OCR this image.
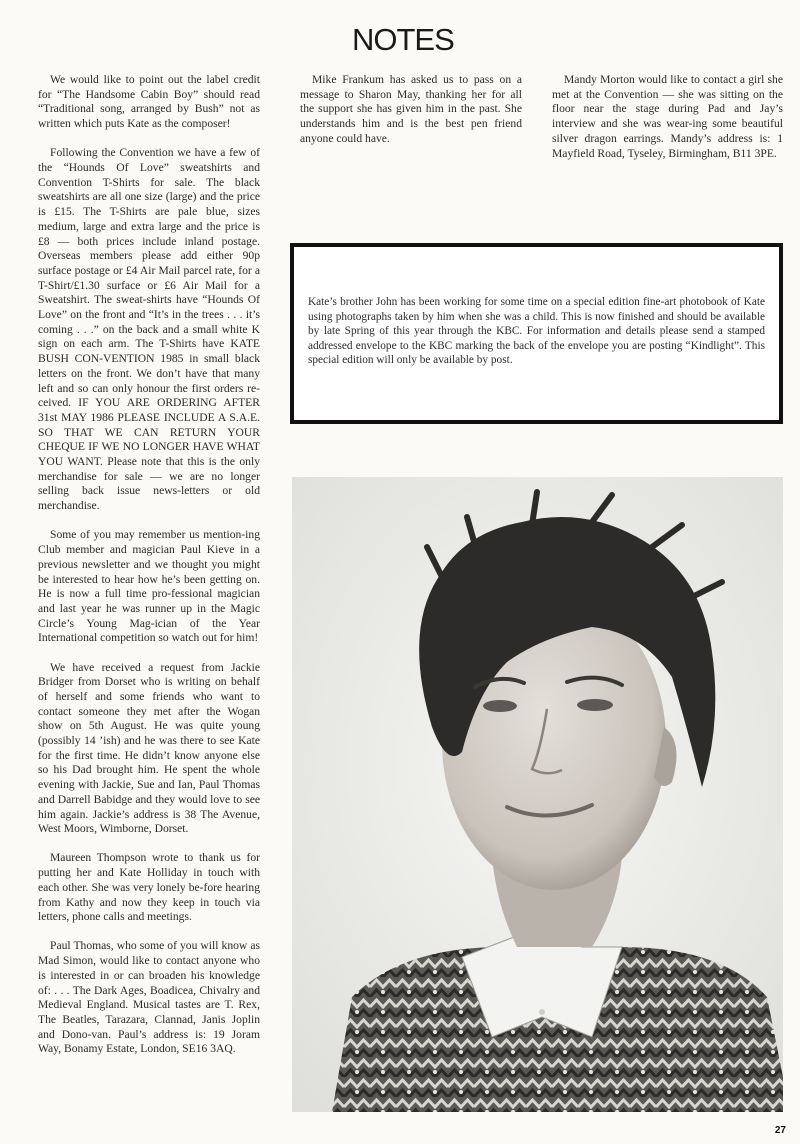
NOTES

We would like to point out the label credit for “The Handsome Cabin Boy” should read “Traditional song, arranged by Bush” not as written which puts Kate as the composer!

Following the Convention we have a few of the “Hounds Of Love” sweatshirts and Convention T-Shirts for sale. The black sweatshirts are all one size (large) and the price is £15. The T-Shirts are pale blue, sizes medium, large and extra large and the price is £8 — both prices include inland postage. Overseas members please add either 90p surface postage or £4 Air Mail parcel rate, for a T-Shirt/£1.30 surface or £6 Air Mail for a Sweatshirt. The sweat-shirts have “Hounds Of Love” on the front and “It’s in the trees . . . it’s coming . . .” on the back and a small white K sign on each arm. The T-Shirts have KATE BUSH CON-VENTION 1985 in small black letters on the front. We don’t have that many left and so can only honour the first orders re-ceived. IF YOU ARE ORDERING AFTER 31st MAY 1986 PLEASE INCLUDE A S.A.E. SO THAT WE CAN RETURN YOUR CHEQUE IF WE NO LONGER HAVE WHAT YOU WANT. Please note that this is the only merchandise for sale — we are no longer selling back issue news-letters or old merchandise.

Some of you may remember us mention-ing Club member and magician Paul Kieve in a previous newsletter and we thought you might be interested to hear how he’s been getting on. He is now a full time pro-fessional magician and last year he was runner up in the Magic Circle’s Young Mag-ician of the Year International competition so watch out for him!

We have received a request from Jackie Bridger from Dorset who is writing on behalf of herself and some friends who want to contact someone they met after the Wogan show on 5th August. He was quite young (possibly 14 ’ish) and he was there to see Kate for the first time. He didn’t know anyone else so his Dad brought him. He spent the whole evening with Jackie, Sue and Ian, Paul Thomas and Darrell Babidge and they would love to see him again. Jackie’s address is 38 The Avenue, West Moors, Wimborne, Dorset.

Maureen Thompson wrote to thank us for putting her and Kate Holliday in touch with each other. She was very lonely be-fore hearing from Kathy and now they keep in touch via letters, phone calls and meetings.

Paul Thomas, who some of you will know as Mad Simon, would like to contact anyone who is interested in or can broaden his knowledge of: . . . The Dark Ages, Boadicea, Chivalry and Medieval England. Musical tastes are T. Rex, The Beatles, Tarazara, Clannad, Janis Joplin and Dono-van. Paul’s address is: 19 Joram Way, Bonamy Estate, London, SE16 3AQ.

Mike Frankum has asked us to pass on a message to Sharon May, thanking her for all the support she has given him in the past. She understands him and is the best pen friend anyone could have.

Mandy Morton would like to contact a girl she met at the Convention — she was sitting on the floor near the stage during Pad and Jay’s interview and she was wear-ing some beautiful silver dragon earrings. Mandy’s address is: 1 Mayfield Road, Tyseley, Birmingham, B11 3PE.

Kate’s brother John has been working for some time on a special edition fine-art photobook of Kate using photographs taken by him when she was a child. This is now finished and should be available by late Spring of this year through the KBC. For information and details please send a stamped addressed envelope to the KBC marking the back of the envelope you are posting “Kindlight”. This special edition will only be available by post.
27
